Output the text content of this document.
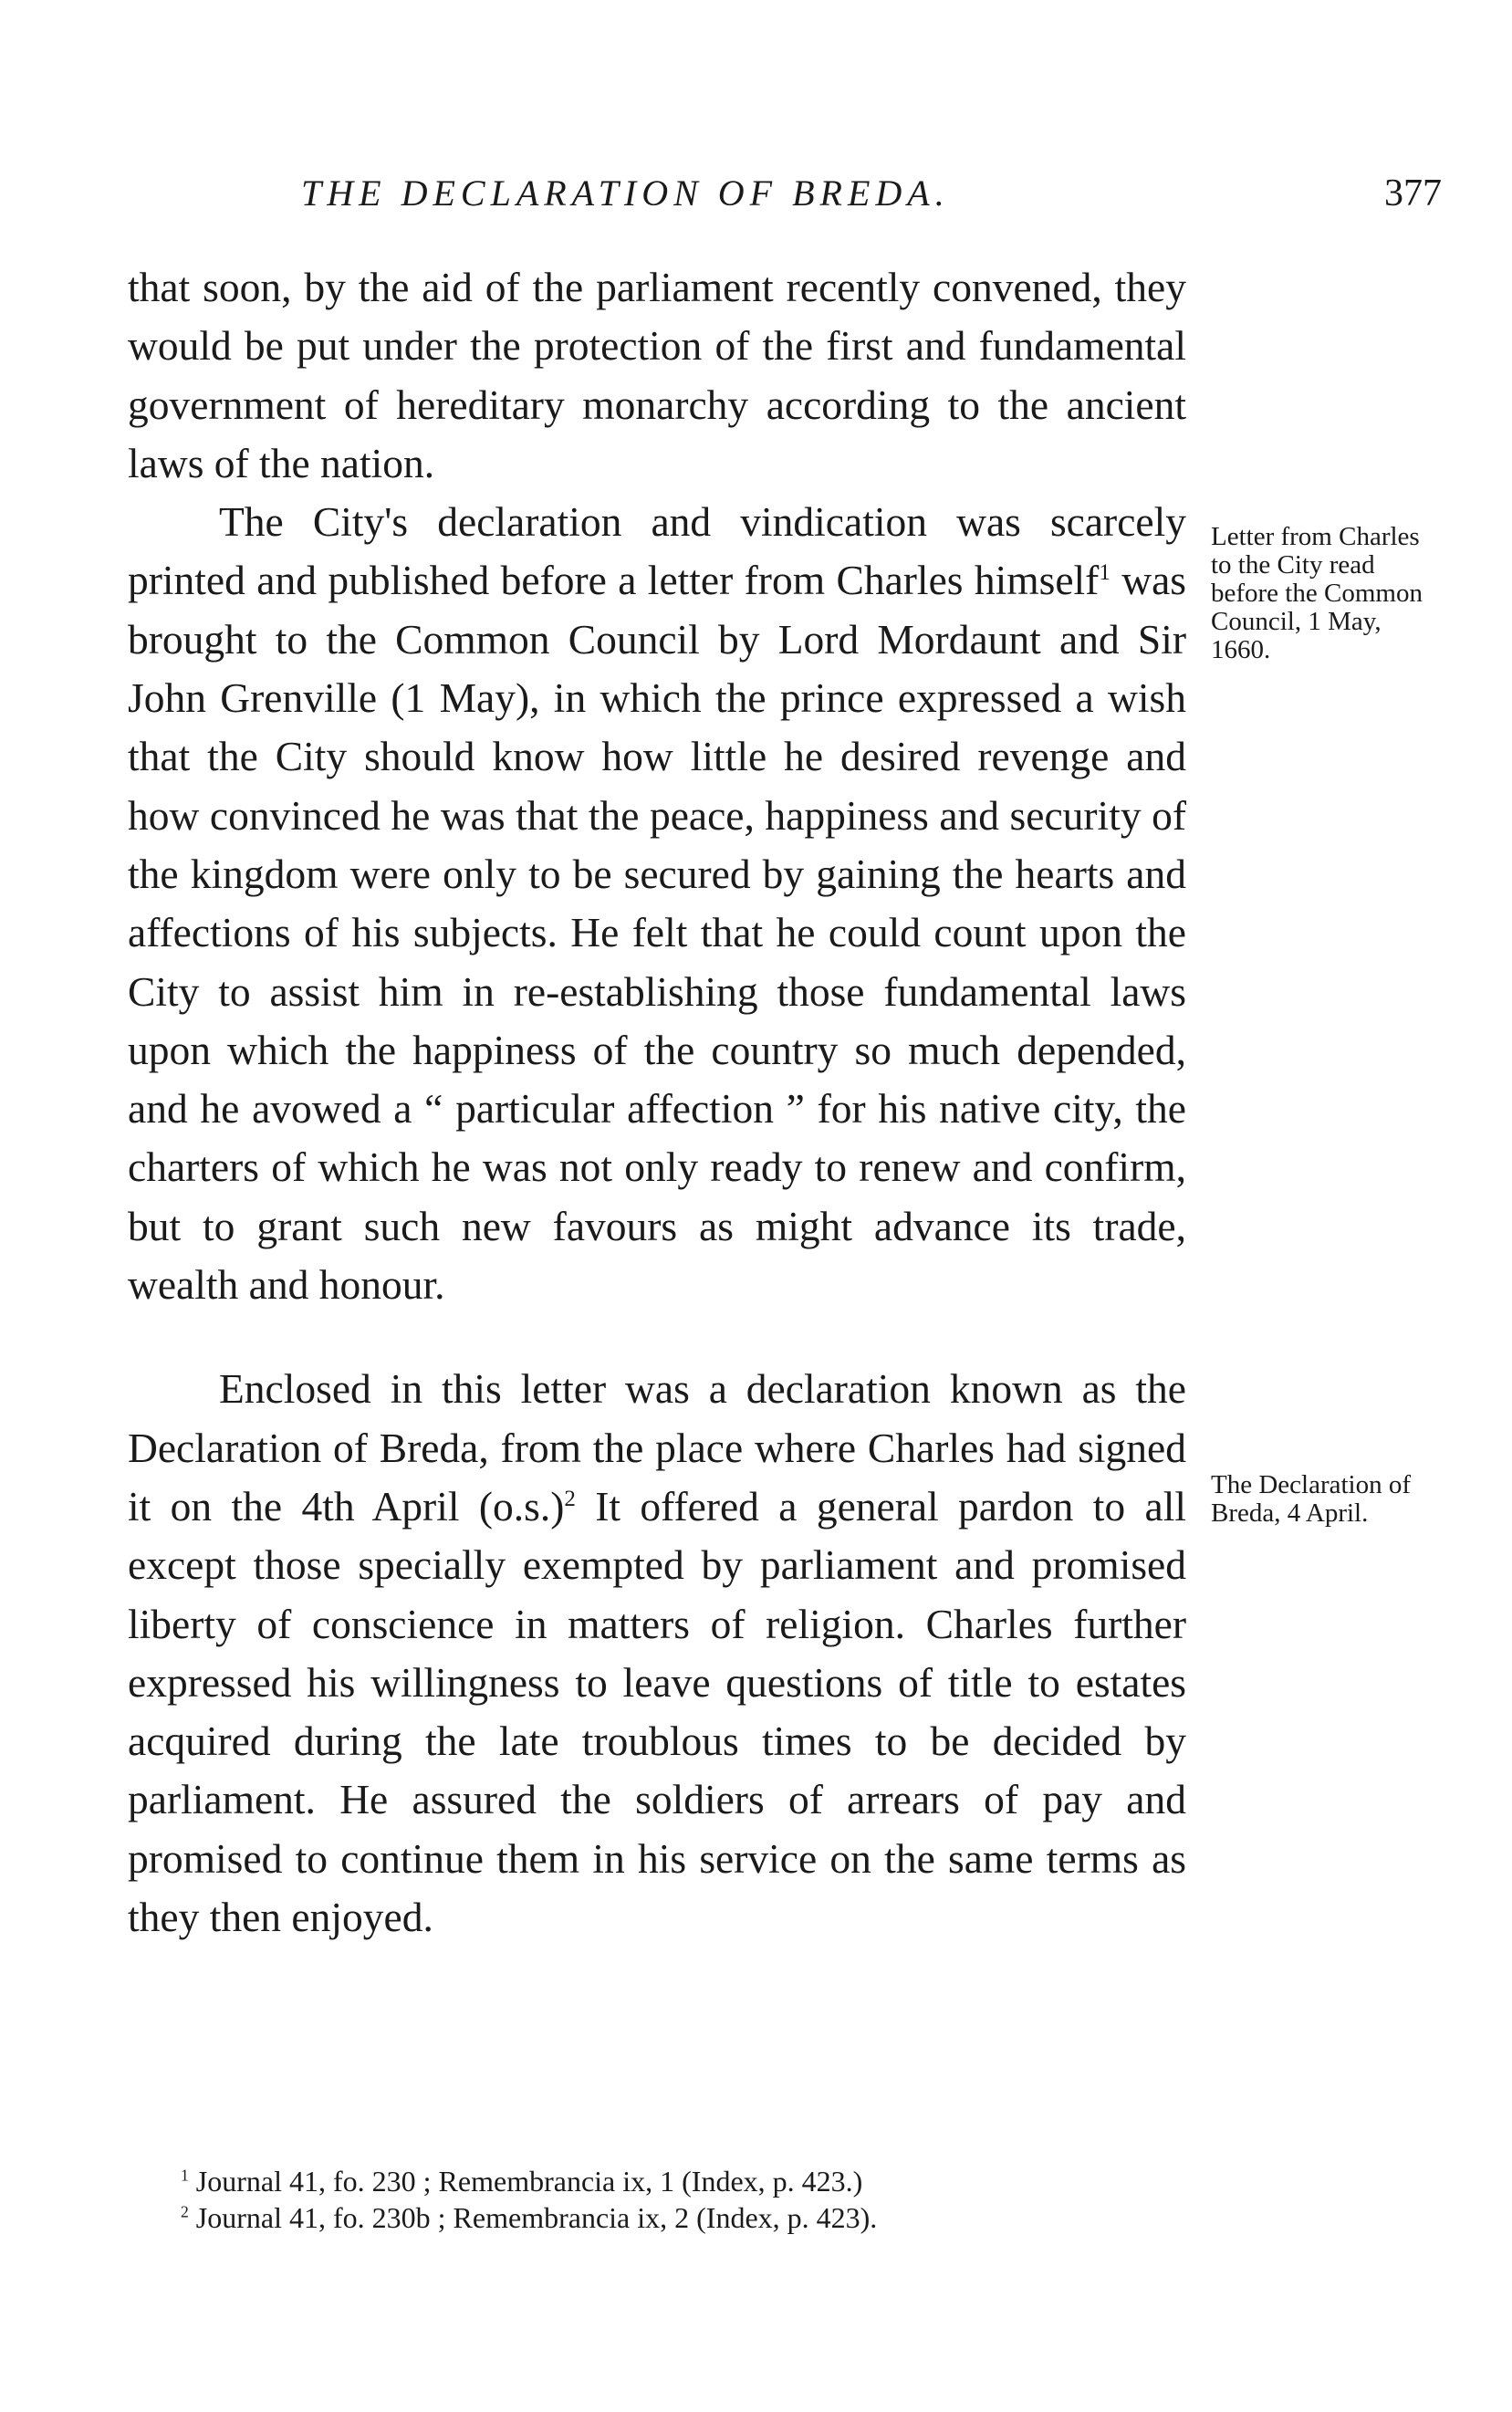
THE DECLARATION OF BREDA.	377

that soon, by the aid of the parliament recently convened, they would be put under the protection of the first and fundamental government of hereditary monarchy according to the ancient laws of the nation.

The City's declaration and vindication was scarcely printed and published before a letter from Charles himself$^1$ was brought to the Common Council by Lord Mordaunt and Sir John Grenville (1 May), in which the prince expressed a wish that the City should know how little he desired revenge and how convinced he was that the peace, happiness and security of the kingdom were only to be secured by gaining the hearts and affections of his subjects. He felt that he could count upon the City to assist him in re-establishing those fundamental laws upon which the happiness of the country so much depended, and he avowed a “ particular affection ” for his native city, the charters of which he was not only ready to renew and confirm, but to grant such new favours as might advance its trade, wealth and honour.

Enclosed in this letter was a declaration known as the Declaration of Breda, from the place where Charles had signed it on the 4th April $(o.s.)^2$ It offered a general pardon to all except those specially exempted by parliament and promised liberty of conscience in matters of religion. Charles further expressed his willingness to leave questions of title to estates acquired during the late troublous times to be decided by parliament. He assured the soldiers of arrears of pay and promised to continue them in his service on the same terms as they then enjoyed.

Letter from Charles to the City read before the Common Council, 1 May, 1660.
The Declaration of Breda, 4 April.

$^1$ Journal 41, fo. 230 ; Remembrancia ix, 1 (Index, p. 423.)

$^2$ Journal 41, fo. 230b ; Remembrancia ix, 2 (Index, p. 423).
